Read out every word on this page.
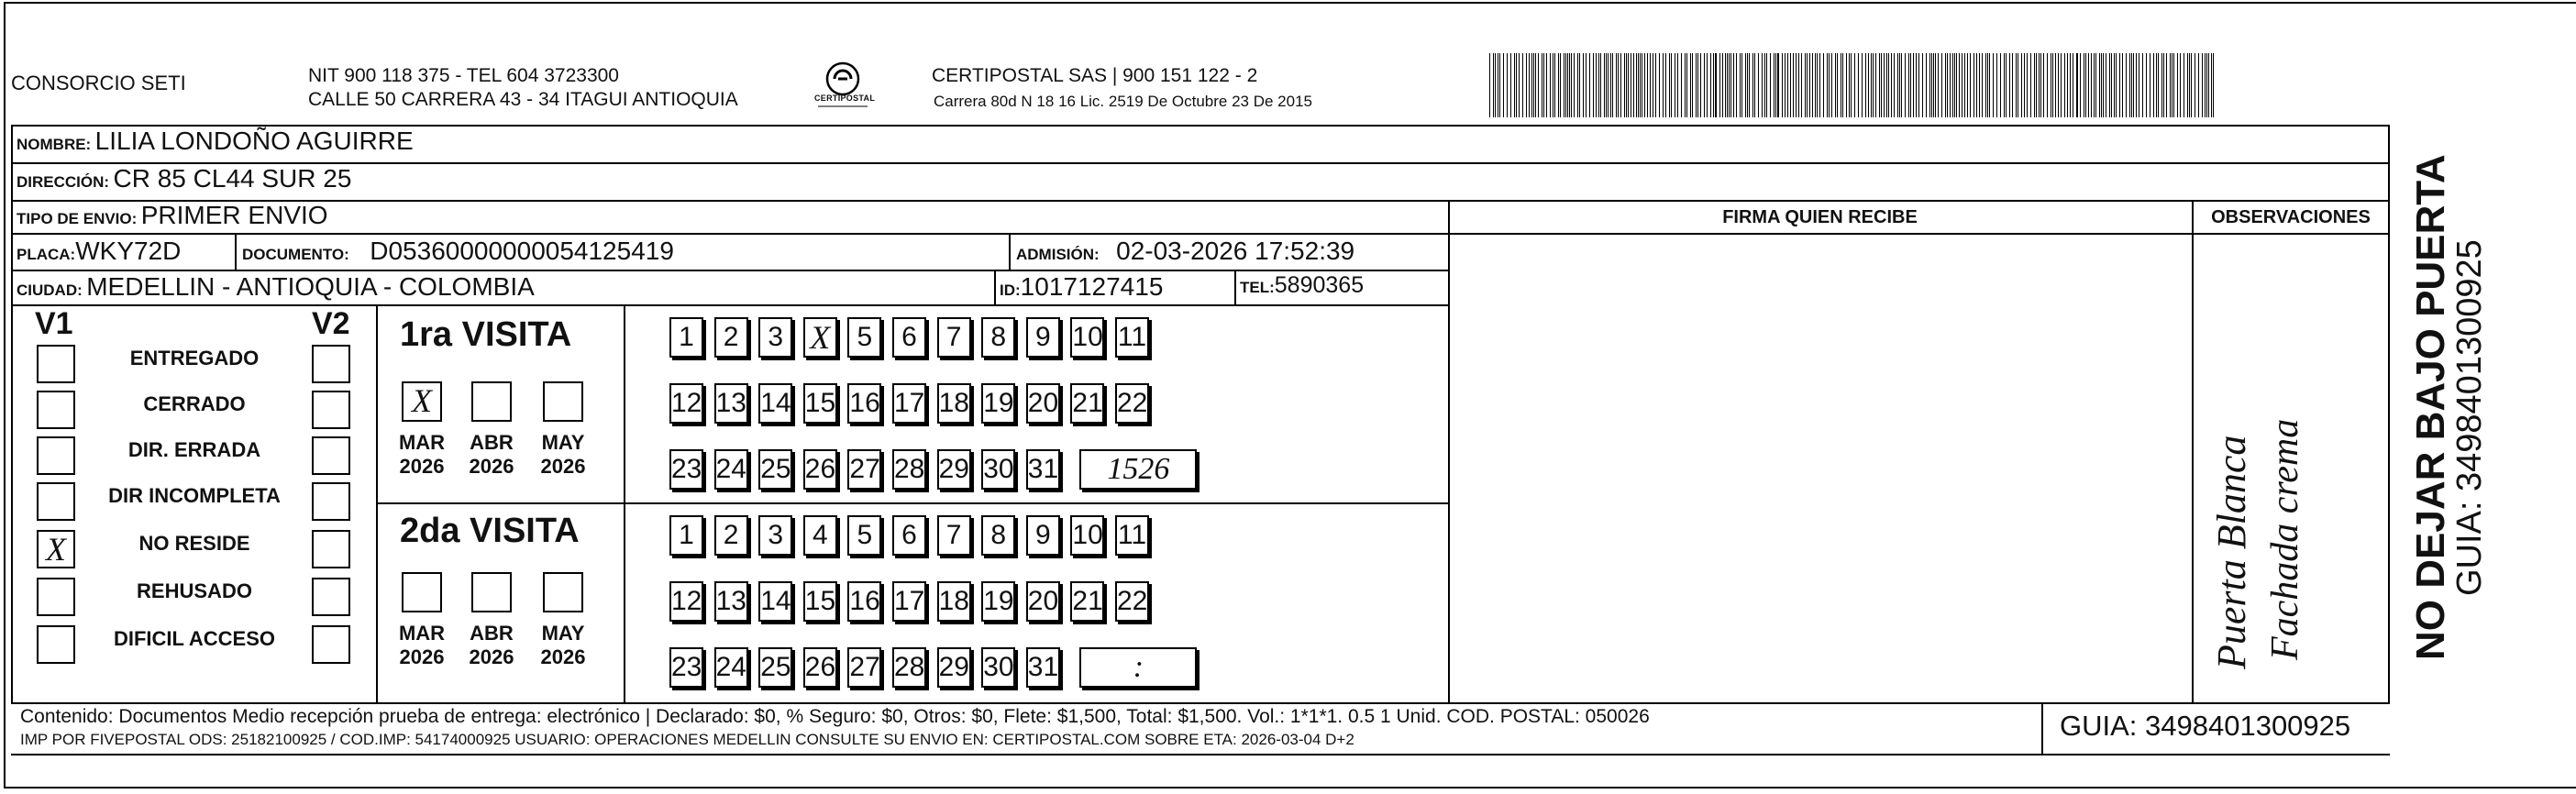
CONSORCIO SETI	NIT 900 118 375 - TEL 604 3723300
CALLE 50 CARRERA 43 - 34 ITAGUI ANTIOQUIA	CERTIPOSTAL
CERTIPOSTAL SAS | 900 151 122 - 2
Carrera 80d N 18 16 Lic. 2519 De Octubre 23 De 2015
NOMBRE: LILIA LONDOÑO AGUIRRE
DIRECCIÓN: CR 85 CL44 SUR 25
TIPO DE ENVIO: PRIMER ENVIO
PLACA:WKY72D	DOCUMENTO: D05360000000054125419	ADMISIÓN: 02-03-2026 17:52:39
CIUDAD: MEDELLIN - ANTIOQUIA - COLOMBIA	ID:1017127415	TEL:5890365
FIRMA QUIEN RECIBE	OBSERVACIONES
Puerta Blanca Fachada crema
V1	V2
ENTREGADO
CERRADO
DIR. ERRADA
DIR INCOMPLETA
X	NO RESIDE
REHUSADO
DIFICIL ACCESO
1ra VISITA
X
MAR
2026
ABR
2026
MAY
2026
1	2	3 X 5	6	7	8	9 10 11
12 13 14 15 16 17 18 19 20 21 22
23 24 25 26 27 28 29 30 31	1526
2da VISITA
MAR
2026
ABR
2026
MAY
2026
1	2	3	4	5	6	7	8	9 10 11
12 13 14 15 16 17 18 19 20 21 22
23 24 25 26 27 28 29 30 31	:
Contenido: Documentos Medio recepción prueba de entrega: electrónico | Declarado: $0, % Seguro: $0, Otros: $0, Flete: $1,500, Total: $1,500. Vol.: 1*1*1. 0.5 1 Unid. COD. POSTAL: 050026
IMP POR FIVEPOSTAL ODS: 25182100925 / COD.IMP: 54174000925 USUARIO: OPERACIONES MEDELLIN CONSULTE SU ENVIO EN: CERTIPOSTAL.COM SOBRE ETA: 2026-03-04 D+2	GUIA: 3498401300925
NO DEJAR BAJO PUERTA
GUIA: 3498401300925
